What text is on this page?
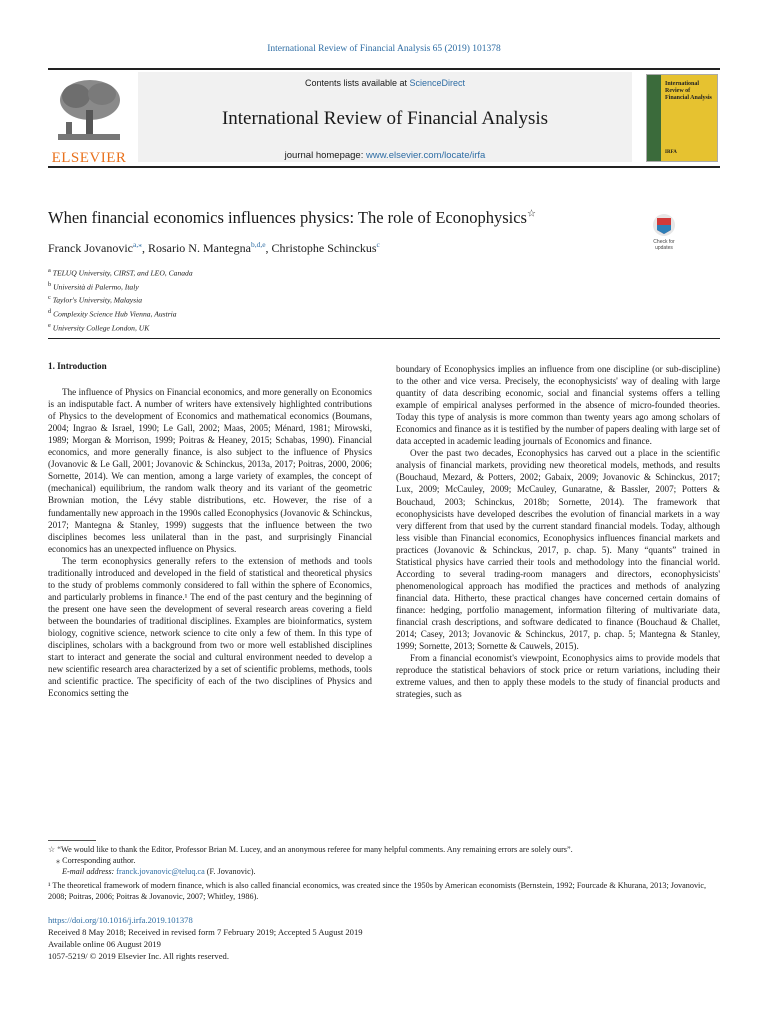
International Review of Financial Analysis 65 (2019) 101378
ELSEVIER
Contents lists available at ScienceDirect
International Review of Financial Analysis
journal homepage: www.elsevier.com/locate/irfa
International Review of Financial Analysis
IRFA
When financial economics influences physics: The role of Econophysics☆
Check for
updates
Franck Jovanovic$^{a,⁎}$, Rosario N. Mantegna$^{b,d,e}$, Christophe Schinckus$^c$
$^a$ TELUQ University, CIRST, and LEO, Canada
$^b$ Università di Palermo, Italy
$^c$ Taylor's University, Malaysia
$^d$ Complexity Science Hub Vienna, Austria
$^e$ University College London, UK

1. Introduction

The influence of Physics on Financial economics, and more generally on Economics is an indisputable fact. A number of writers have extensively highlighted contributions of Physics to the development of Economics and mathematical economics (Boumans, 2004; Ingrao & Israel, 1990; Le Gall, 2002; Maas, 2005; Ménard, 1981; Mirowski, 1989; Morgan & Morrison, 1999; Poitras & Heaney, 2015; Schabas, 1990). Financial economics, and more generally finance, is also subject to the influence of Physics (Jovanovic & Le Gall, 2001; Jovanovic & Schinckus, 2013a, 2017; Poitras, 2000, 2006; Sornette, 2014). We can mention, among a large variety of examples, the concept of (mechanical) equilibrium, the random walk theory and its variant of the geometric Brownian motion, the Lévy stable distributions, etc. However, the rise of a fundamentally new approach in the 1990s called Econophysics (Jovanovic & Schinckus, 2017; Mantegna & Stanley, 1999) suggests that the influence between the two disciplines becomes less unilateral than in the past, and surprisingly Financial economics has an unexpected influence on Physics.

The term econophysics generally refers to the extension of methods and tools traditionally introduced and developed in the field of statistical and theoretical physics to the study of problems commonly considered to fall within the sphere of Economics, and particularly problems in finance.¹ The end of the past century and the beginning of the present one have seen the development of several research areas covering a field between the boundaries of traditional disciplines. Examples are bioinformatics, system biology, cognitive science, network science to cite only a few of them. In this type of disciplines, scholars with a background from two or more well established disciplines start to interact and generate the social and cultural environment needed to develop a new scientific research area characterized by a set of scientific problems, methods, tools and scientific practice. The specificity of each of the two disciplines of Physics and Economics setting the

boundary of Econophysics implies an influence from one discipline (or sub-discipline) to the other and vice versa. Precisely, the econophysicists' way of dealing with large quantity of data describing economic, social and financial systems offers a telling example of empirical analyses performed in the absence of micro-founded theories. Today this type of analysis is more common than twenty years ago among scholars of Economics and finance as it is testified by the number of papers dealing with large set of data accepted in academic leading journals of Economics and finance.

Over the past two decades, Econophysics has carved out a place in the scientific analysis of financial markets, providing new theoretical models, methods, and results (Bouchaud, Mezard, & Potters, 2002; Gabaix, 2009; Jovanovic & Schinckus, 2017; Lux, 2009; McCauley, 2009; McCauley, Gunaratne, & Bassler, 2007; Potters & Bouchaud, 2003; Schinckus, 2018b; Sornette, 2014). The framework that econophysicists have developed describes the evolution of financial markets in a way very different from that used by the current standard financial models. Today, although less visible than Financial economics, Econophysics influences financial markets and practices (Jovanovic & Schinckus, 2017, p. chap. 5). Many “quants” trained in Statistical physics have carried their tools and methodology into the financial world. According to several trading-room managers and directors, econophysicists' phenomenological approach has modified the practices and methods of analyzing financial data. Hitherto, these practical changes have concerned certain domains of finance: hedging, portfolio management, information filtering of multivariate data, financial crash descriptions, and software dedicated to finance (Bouchaud & Challet, 2014; Casey, 2013; Jovanovic & Schinckus, 2017, p. chap. 5; Mantegna & Stanley, 1999; Sornette, 2013; Sornette & Cauwels, 2015).

From a financial economist's viewpoint, Econophysics aims to provide models that reproduce the statistical behaviors of stock price or return variations, including their extreme values, and then to apply these models to the study of financial products and strategies, such as

☆ “We would like to thank the Editor, Professor Brian M. Lucey, and an anonymous referee for many helpful comments. Any remaining errors are solely ours”.
⁎ Corresponding author.
E-mail address: franck.jovanovic@teluq.ca (F. Jovanovic).
¹ The theoretical framework of modern finance, which is also called financial economics, was created since the 1950s by American economists (Bernstein, 1992; Fourcade & Khurana, 2013; Jovanovic, 2008; Poitras, 2006; Poitras & Jovanovic, 2007; Whitley, 1986).
https://doi.org/10.1016/j.irfa.2019.101378
Received 8 May 2018; Received in revised form 7 February 2019; Accepted 5 August 2019
Available online 06 August 2019
1057-5219/ © 2019 Elsevier Inc. All rights reserved.
